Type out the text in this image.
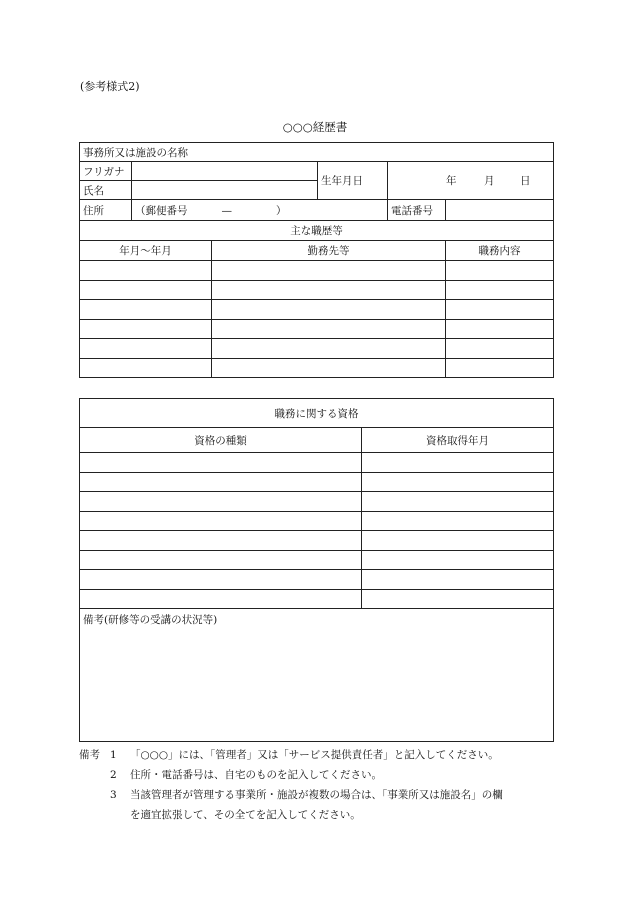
(参考様式2)
○○○経歴書
事務所又は施設の名称					
フリガナ			生年月日	年 月 日	
氏名					
住所	（郵便番号 — ）			電話番号	
主な職歴等					
年月～年月		勤務先等			職務内容

職務に関する資格	
資格の種類	資格取得年月

備考(研修等の受講の状況等)	
備考 1	「○○○」には、「管理者」又は「サービス提供責任者」と記入してください。
2	住所・電話番号は、自宅のものを記入してください。
3	当該管理者が管理する事業所・施設が複数の場合は、「事業所又は施設名」の欄
を適宜拡張して、その全てを記入してください。
